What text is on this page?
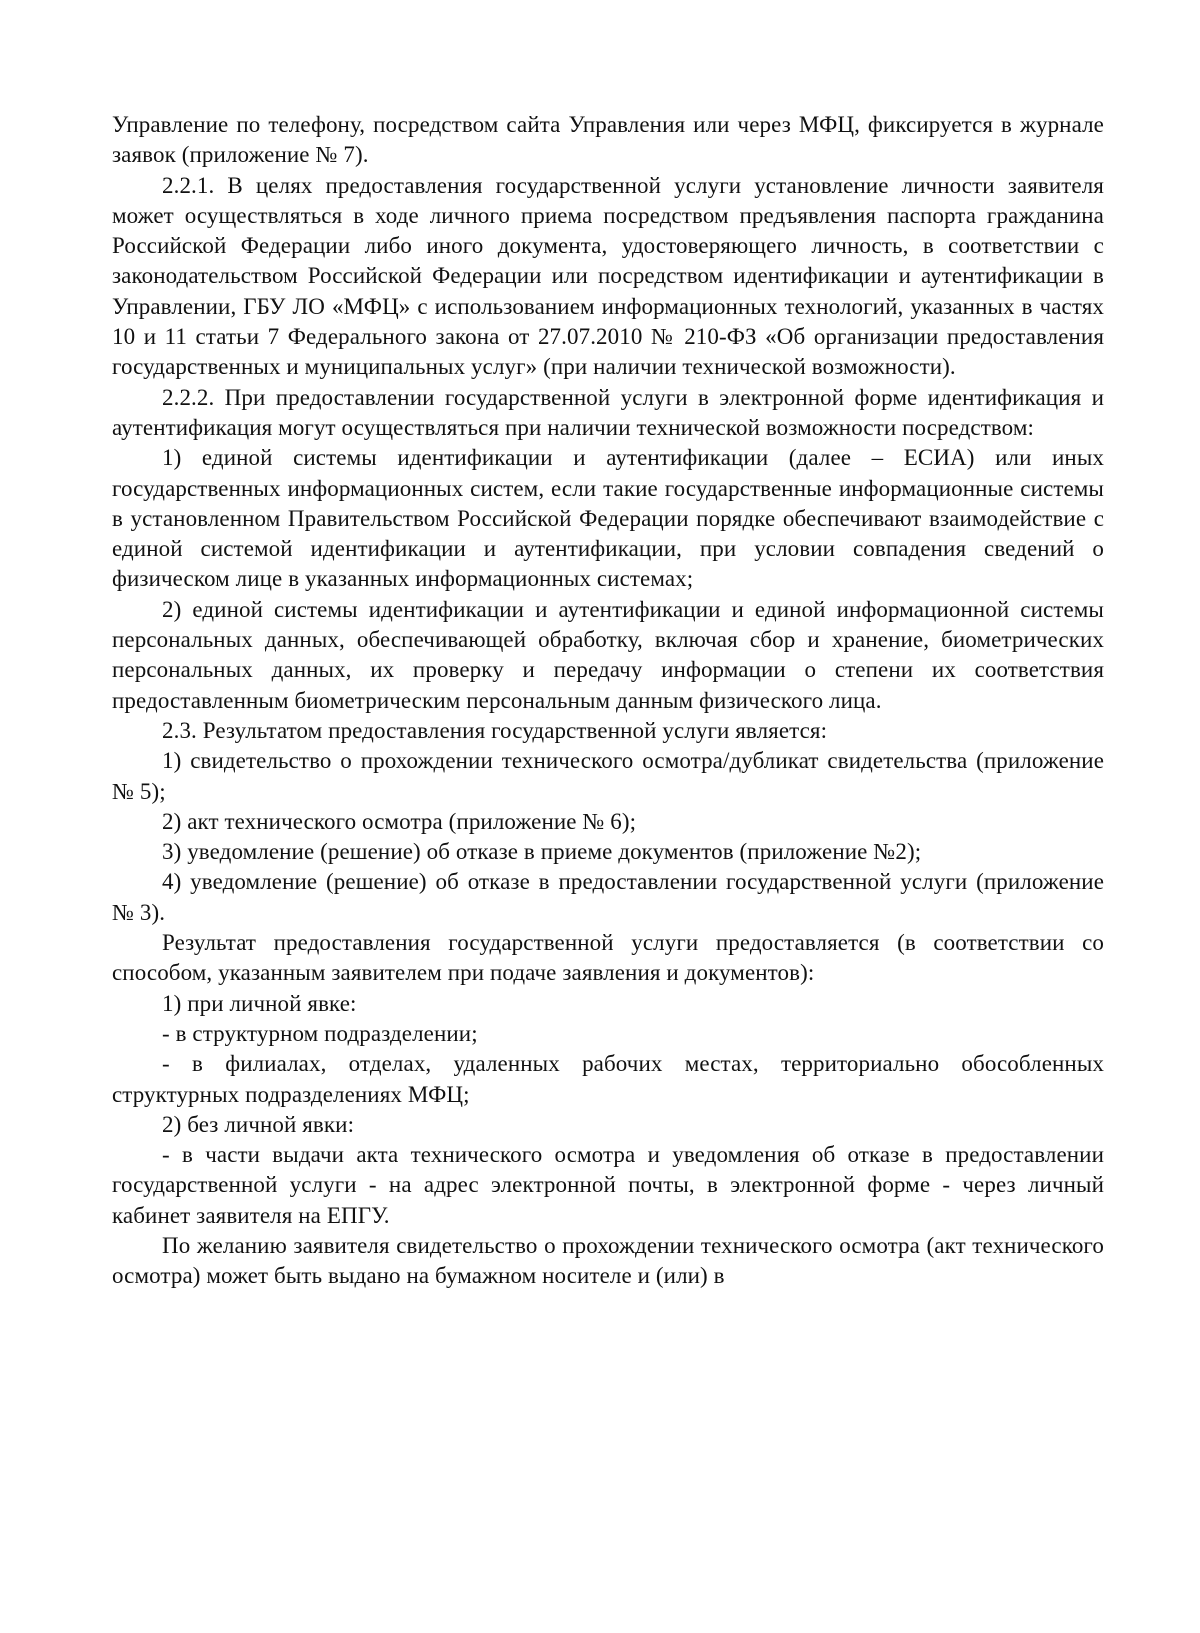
Управление по телефону, посредством сайта Управления или через МФЦ, фиксируется в журнале заявок (приложение № 7).

2.2.1. В целях предоставления государственной услуги установление личности заявителя может осуществляться в ходе личного приема посредством предъявления паспорта гражданина Российской Федерации либо иного документа, удостоверяющего личность, в соответствии с законодательством Российской Федерации или посредством идентификации и аутентификации в Управлении, ГБУ ЛО «МФЦ» с использованием информационных технологий, указанных в частях 10 и 11 статьи 7 Федерального закона от 27.07.2010 № 210-ФЗ «Об организации предоставления государственных и муниципальных услуг» (при наличии технической возможности).

2.2.2. При предоставлении государственной услуги в электронной форме идентификация и аутентификация могут осуществляться при наличии технической возможности посредством:

1) единой системы идентификации и аутентификации (далее – ЕСИА) или иных государственных информационных систем, если такие государственные информационные системы в установленном Правительством Российской Федерации порядке обеспечивают взаимодействие с единой системой идентификации и аутентификации, при условии совпадения сведений о физическом лице в указанных информационных системах;

2) единой системы идентификации и аутентификации и единой информационной системы персональных данных, обеспечивающей обработку, включая сбор и хранение, биометрических персональных данных, их проверку и передачу информации о степени их соответствия предоставленным биометрическим персональным данным физического лица.

2.3. Результатом предоставления государственной услуги является:

1) свидетельство о прохождении технического осмотра/дубликат свидетельства (приложение № 5);

2) акт технического осмотра (приложение № 6);

3) уведомление (решение) об отказе в приеме документов (приложение №2);

4) уведомление (решение) об отказе в предоставлении государственной услуги (приложение № 3).

Результат предоставления государственной услуги предоставляется (в соответствии со способом, указанным заявителем при подаче заявления и документов):

1) при личной явке:

- в структурном подразделении;

- в филиалах, отделах, удаленных рабочих местах, территориально обособленных структурных подразделениях МФЦ;

2) без личной явки:

- в части выдачи акта технического осмотра и уведомления об отказе в предоставлении государственной услуги - на адрес электронной почты, в электронной форме - через личный кабинет заявителя на ЕПГУ.

По желанию заявителя свидетельство о прохождении технического осмотра (акт технического осмотра) может быть выдано на бумажном носителе и (или) в
